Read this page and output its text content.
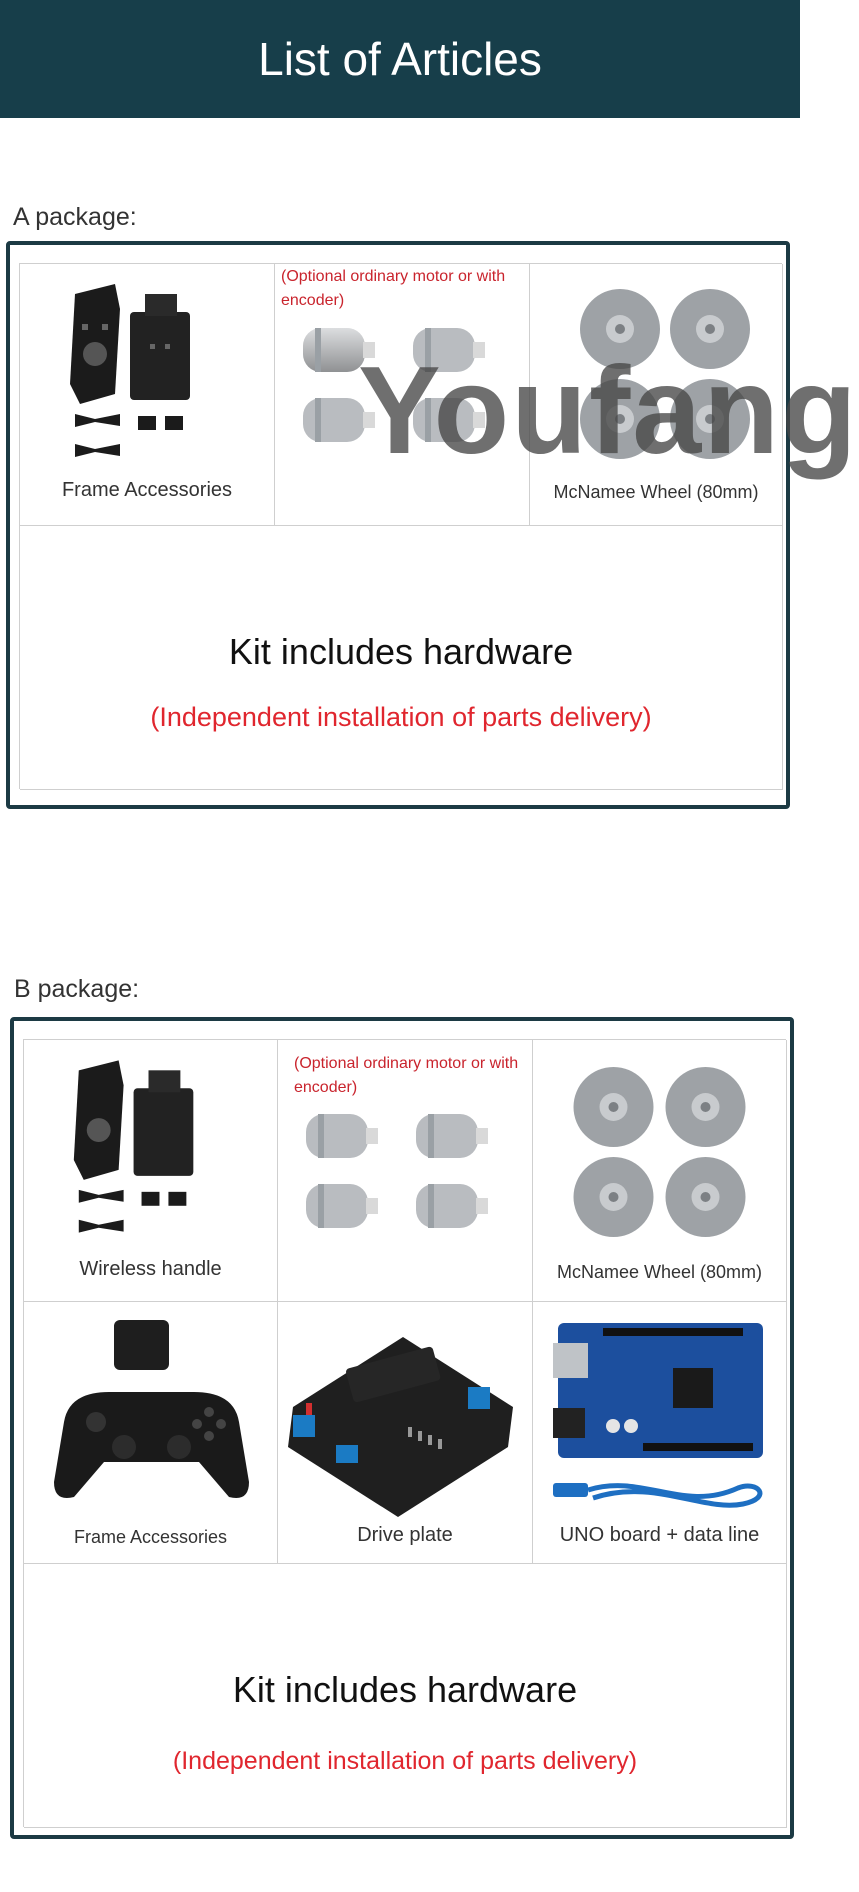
List of Articles
A package:
Frame Accessories
(Optional ordinary motor or with encoder)
McNamee Wheel (80mm)
Kit includes hardware
(Independent installation of parts delivery)
Youfang
B package:
Wireless handle
(Optional ordinary motor or with encoder)
McNamee Wheel (80mm)
Frame Accessories	Drive plate	UNO board + data line
Kit includes hardware
(Independent installation of parts delivery)
